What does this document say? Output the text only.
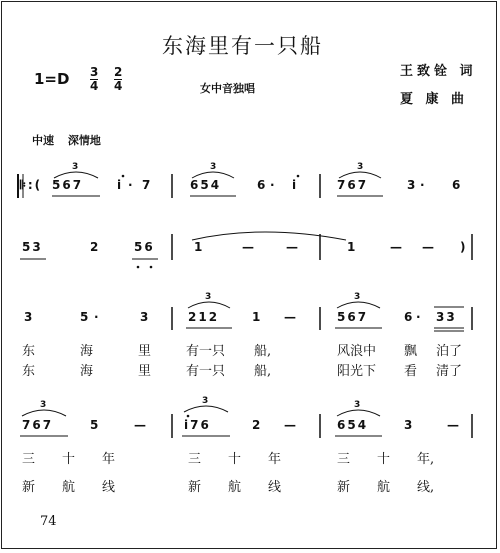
东海里有一只船
$1=D \frac{3}{4} \frac{2}{4}$	女中音独唱
王致铨 词
夏 康 曲
中速 深情地
𝄆:( 567	i · 7	654	6 · i	767	3 · 6
3	3	3
53	2	56	1	—	—	1	— — )
3	5 ·	3	212	1 —	567	6 · 33
3	3
东	海	里	有一只 船,	风浪中 飘 泊了
东	海	里	有一只 船,	阳光下 看 清了
767	5	—	i76	2 —	654	3	—
3	3	3
三 十 年	三 十 年	三 十 年,
新 航 线	新 航 线	新 航 线,
74
